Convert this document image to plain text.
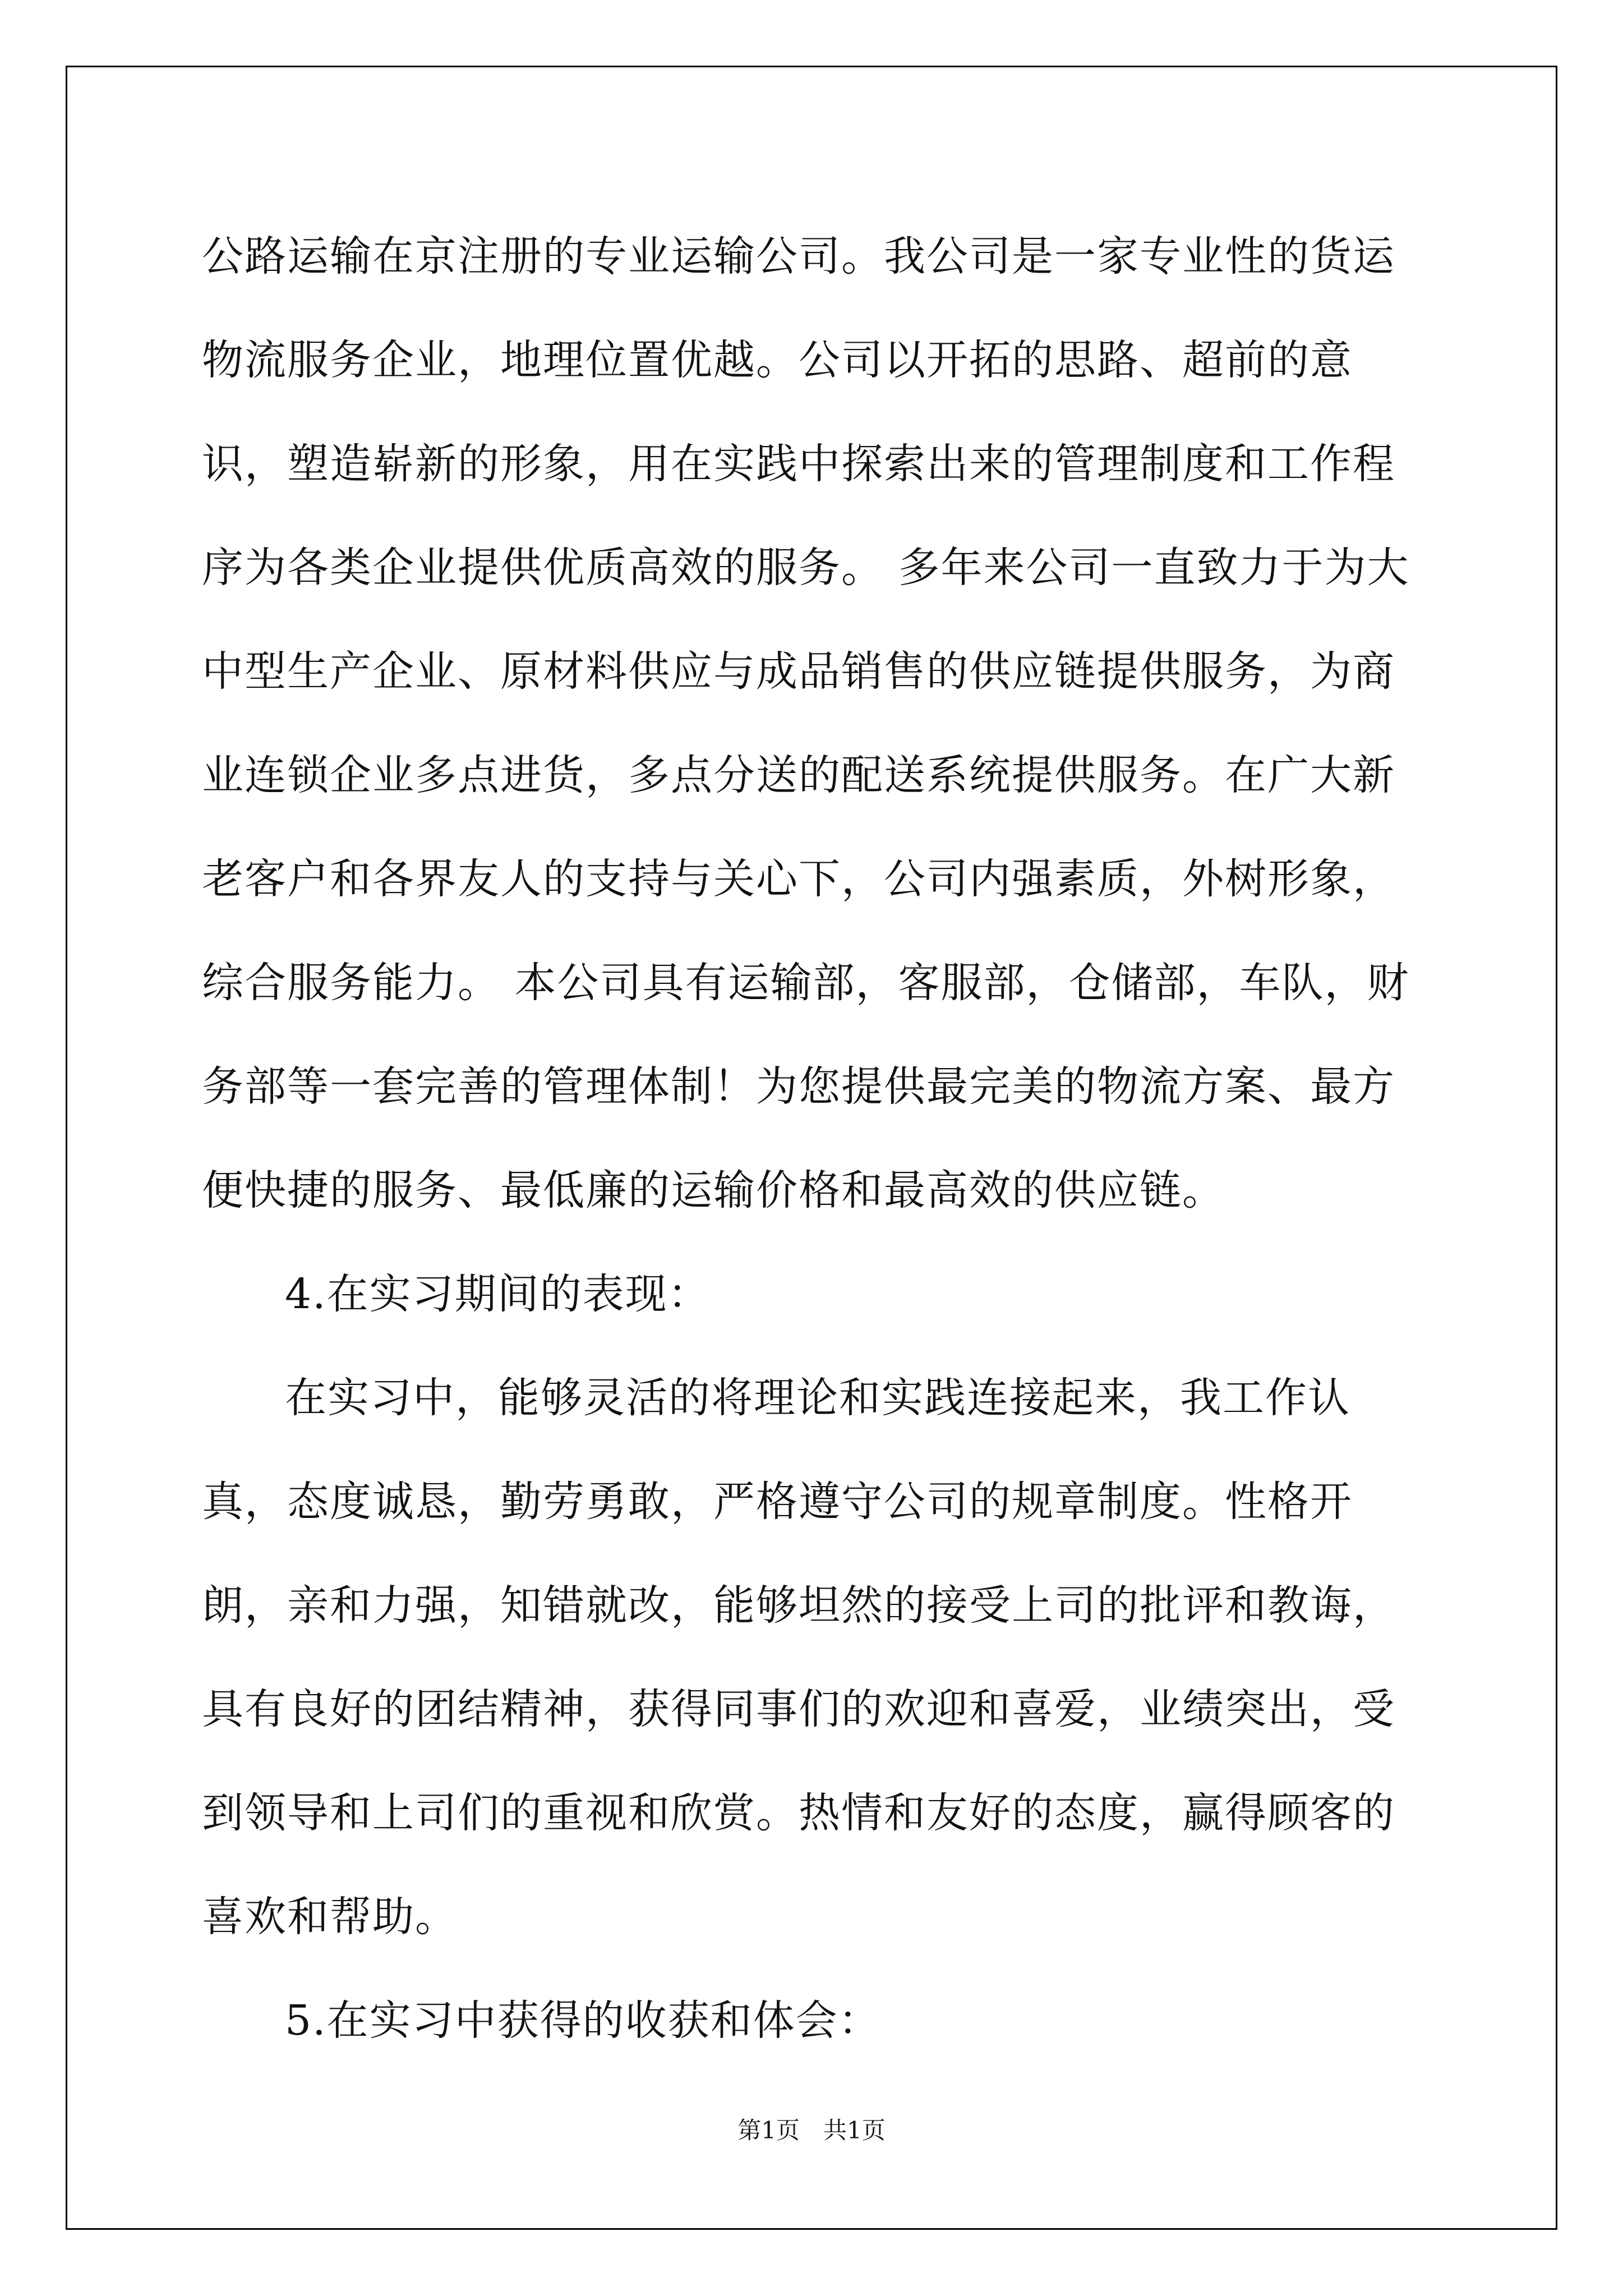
公路运输在京注册的专业运输公司。我公司是一家专业性的货运物流服务企业，地理位置优越。公司以开拓的思路、超前的意识，塑造崭新的形象，用在实践中探索出来的管理制度和工作程序为各类企业提供优质高效的服务。 多年来公司一直致力于为大中型生产企业、原材料供应与成品销售的供应链提供服务，为商业连锁企业多点进货，多点分送的配送系统提供服务。在广大新老客户和各界友人的支持与关心下，公司内强素质，外树形象，综合服务能力。 本公司具有运输部，客服部，仓储部，车队，财务部等一套完善的管理体制！为您提供最完美的物流方案、最方便快捷的服务、最低廉的运输价格和最高效的供应链。

4.在实习期间的表现：

在实习中，能够灵活的将理论和实践连接起来，我工作认真，态度诚恳，勤劳勇敢，严格遵守公司的规章制度。性格开朗，亲和力强，知错就改，能够坦然的接受上司的批评和教诲，具有良好的团结精神，获得同事们的欢迎和喜爱，业绩突出，受到领导和上司们的重视和欣赏。热情和友好的态度，赢得顾客的喜欢和帮助。

5.在实习中获得的收获和体会：

第1页　共1页
